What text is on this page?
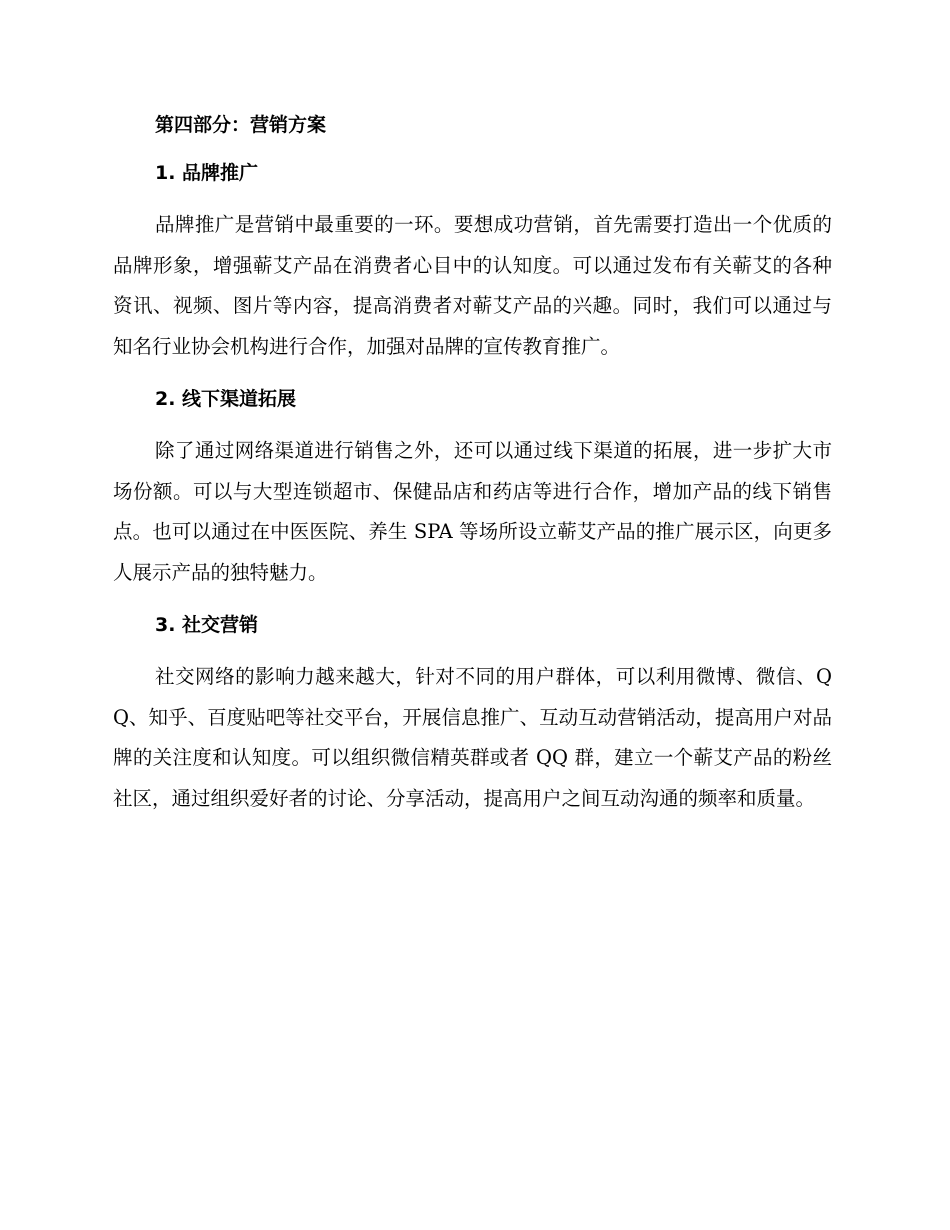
第四部分：营销方案
1. 品牌推广

品牌推广是营销中最重要的一环。要想成功营销，首先需要打造出一个优质的品牌形象，增强蕲艾产品在消费者心目中的认知度。可以通过发布有关蕲艾的各种资讯、视频、图片等内容，提高消费者对蕲艾产品的兴趣。同时，我们可以通过与知名行业协会机构进行合作，加强对品牌的宣传教育推广。

2. 线下渠道拓展

除了通过网络渠道进行销售之外，还可以通过线下渠道的拓展，进一步扩大市场份额。可以与大型连锁超市、保健品店和药店等进行合作，增加产品的线下销售点。也可以通过在中医医院、养生 SPA 等场所设立蕲艾产品的推广展示区，向更多人展示产品的独特魅力。

3. 社交营销

社交网络的影响力越来越大，针对不同的用户群体，可以利用微博、微信、QQ、知乎、百度贴吧等社交平台，开展信息推广、互动互动营销活动，提高用户对品牌的关注度和认知度。可以组织微信精英群或者 QQ 群，建立一个蕲艾产品的粉丝社区，通过组织爱好者的讨论、分享活动，提高用户之间互动沟通的频率和质量。
